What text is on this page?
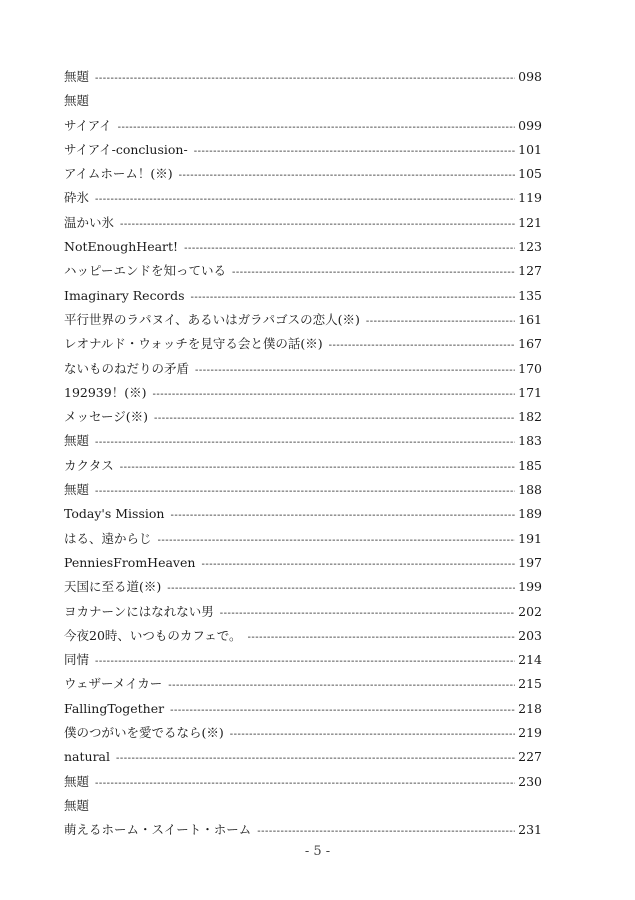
無題 -----	098
無題
サイアイ -----	099
サイアイ-conclusion- -----	101
アイムホーム！(※) -----	105
砕氷 -----	119
温かい氷 -----	121
NotEnoughHeart! -----	123
ハッピーエンドを知っている -----	127
Imaginary Records -----	135
平行世界のラパヌイ、あるいはガラパゴスの恋人(※) -----	161
レオナルド・ウォッチを見守る会と僕の話(※) -----	167
ないものねだりの矛盾 -----	170
192939！(※) -----	171
メッセージ(※) -----	182
無題 -----	183
カクタス -----	185
無題 -----	188
Today's Mission -----	189
はる、遠からじ -----	191
PenniesFromHeaven -----	197
天国に至る道(※) -----	199
ヨカナーンにはなれない男 -----	202
今夜20時、いつものカフェで。 -----	203
同情 -----	214
ウェザーメイカー -----	215
FallingTogether -----	218
僕のつがいを愛でるなら(※) -----	219
natural -----	227
無題 -----	230
無題
萌えるホーム・スイート・ホーム -----	231
- 5 -
